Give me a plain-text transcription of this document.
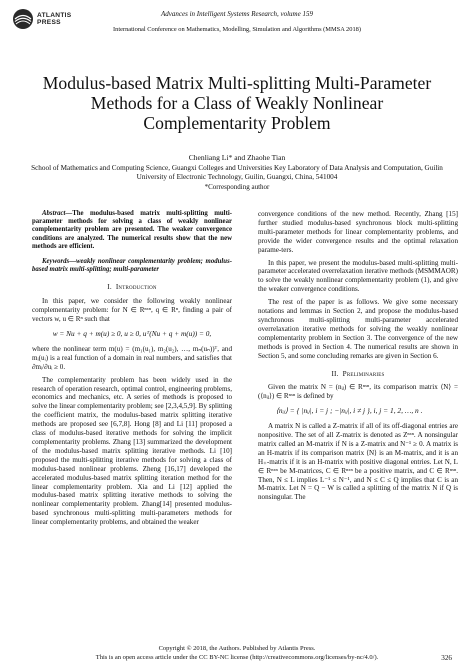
ATLANTIS
PRESS
Advances in Intelligent Systems Research, volume 159
International Conference on Mathematics, Modelling, Simulation and Algorithms (MMSA 2018)
Modulus-based Matrix Multi-splitting Multi-Parameter Methods for a Class of Weakly Nonlinear Complementarity Problem
Chenliang Li* and Zhaohe Tian
School of Mathematics and Computing Science, Guangxi Colleges and Universities Key Laboratory of Data Analysis and Computation, Guilin University of Electronic Technology, Guilin, Guangxi, China, 541004
*Corresponding author

Abstract—The modulus-based matrix multi-splitting multi-parameter methods for solving a class of weakly nonlinear complementarity problem are presented. The weaker convergence conditions are analyzed. The numerical results show that the new methods are efficient.

Keywords—weakly nonlinear complementarity problem; modulus-based matrix multi-splitting; multi-parameter

I. Introduction

In this paper, we consider the following weakly nonlinear complementarity problem: for N ∈ Rⁿˣⁿ, q ∈ Rⁿ, finding a pair of vectors w, u ∈ Rⁿ such that

w = Nu + q + m(u) ≥ 0, u ≥ 0, uᵀ(Nu + q + m(u)) = 0,

where the nonlinear term m(u) = (m₁(u₁), m₂(u₂), …, mₙ(uₙ))ᵀ, and mᵢ(uᵢ) is a real function of a domain in real numbers, and satisfies that ∂mᵢ/∂uᵢ ≥ 0.

The complementarity problem has been widely used in the research of operation research, optimal control, engineering problems, economics and mechanics, etc. A series of methods is proposed to solve the linear complementarity problem; see [2,3,4,5,9]. By splitting the coefficient matrix, the modulus-based matrix splitting iterative methods are proposed see [6,7,8]. Hong [8] and Li [11] proposed a class of modulus-based iterative methods for solving the implicit complementarity problems. Zhang [13] summarized the development of the modulus-based matrix splitting iterative methods. Li [10] proposed the multi-splitting iterative methods for solving a class of modulus-based nonlinear problems. Zheng [16,17] developed the accelerated modulus-based matrix splitting iteration method for the linear complementarity problem. Xia and Li [12] applied the modulus-based matrix splitting iterative methods to solving the nonlinear complementarity problem. Zhang[14] presented modulus-based synchronous multi-splitting multi-parameters methods for linear complementarity problems, and obtained the weaker

convergence conditions of the new method. Recently, Zhang [15] further studied modulus-based synchronous block multi-splitting multi-parameter methods for linear complementarity problems, and provide the wider convergence results and the optimal relaxation parame-ters.

In this paper, we present the modulus-based multi-splitting multi-parameter accelerated overrelaxation iterative methods (MSMMAOR) to solve the weakly nonlinear complementarity problem (1), and give the weaker convergence conditions.

The rest of the paper is as follows. We give some necessary notations and lemmas in Section 2, and propose the modulus-based synchronous multi-splitting multi-parameter accelerated overrelaxation iterative methods for solving the weakly nonlinear complementarity problem in Section 3. The convergence of the new methods is proved in Section 4. The numerical results are shown in Section 5, and some concluding remarks are given in Section 6.

II. Preliminaries

Given the matrix N = (nᵢⱼ) ∈ Rⁿˣⁿ, its comparison matrix ⟨N⟩ = (⟨nᵢⱼ⟩) ∈ Rⁿˣⁿ is defined by

⟨nᵢⱼ⟩ = { |nᵢⱼ|, i = j ; −|nᵢⱼ|, i ≠ j }, i, j = 1, 2, …, n .

A matrix N is called a Z-matrix if all of its off-diagonal entries are nonpositive. The set of all Z-matrix is denoted as Zⁿˣⁿ. A nonsingular matrix called an M-matrix if N is a Z-matrix and N⁻¹ ≥ 0. A matrix is an H-matrix if its comparison matrix ⟨N⟩ is an M-matrix, and it is an H₊-matrix if it is an H-matrix with positive diagonal entries. Let N, L ∈ Rⁿˣⁿ be M-matrices, C ∈ Rⁿˣⁿ be a positive matrix, and C ∈ Rⁿˣⁿ. Then, N ≤ L implies L⁻¹ ≤ N⁻¹, and N ≤ C ≤ Q implies that C is an M-matrix. Let N = Q − W is called a splitting of the matrix N if Q is nonsingular. The

Copyright © 2018, the Authors. Published by Atlantis Press.
This is an open access article under the CC BY-NC license (http://creativecommons.org/licenses/by-nc/4.0/).	326
